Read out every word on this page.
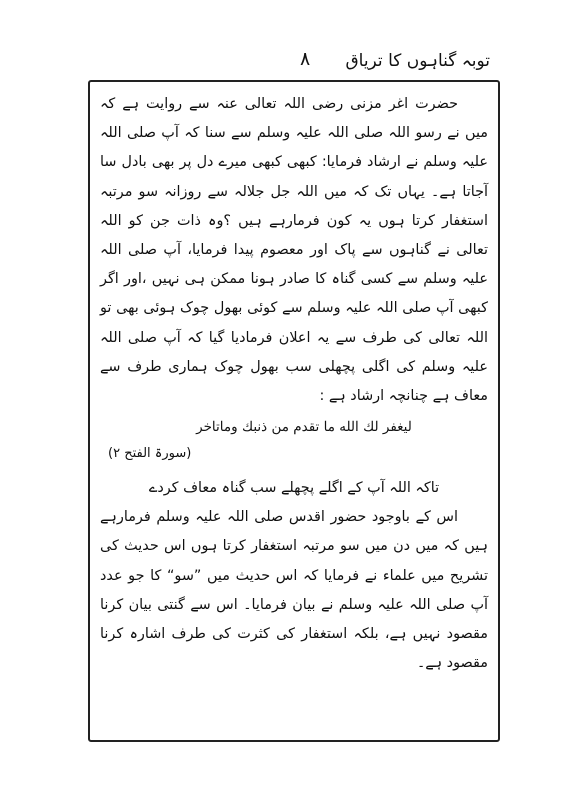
توبہ گناہوں کا تریاق
۸

حضرت اغر مزنی رضی اللہ تعالی عنہ سے روایت ہے کہ میں نے رسو اللہ صلی اللہ علیہ وسلم سے سنا کہ آپ صلی اللہ علیہ وسلم نے ارشاد فرمایا: کبھی کبھی میرے دل پر بھی بادل سا آجاتا ہے۔ یہاں تک کہ میں اللہ جل جلالہ سے روزانہ سو مرتبہ استغفار کرتا ہوں یہ کون فرمارہے ہیں ؟وہ ذات جن کو اللہ تعالی نے گناہوں سے پاک اور معصوم پیدا فرمایا، آپ صلی اللہ علیہ وسلم سے کسی گناہ کا صادر ہونا ممکن ہی نہیں ،اور اگر کبھی آپ صلی اللہ علیہ وسلم سے کوئی بھول چوک ہوئی بھی تو اللہ تعالی کی طرف سے یہ اعلان فرمادیا گیا کہ آپ صلی اللہ علیہ وسلم کی اگلی پچھلی سب بھول چوک ہماری طرف سے معاف ہے چنانچہ ارشاد ہے :

ليغفر لك الله ما تقدم من ذنبك وماتاخر

(سورۃ الفتح ۲)

تاکہ اللہ آپ کے اگلے پچھلے سب گناہ معاف کردے

اس کے باوجود حضور اقدس صلی اللہ علیہ وسلم فرمارہے ہیں کہ میں دن میں سو مرتبہ استغفار کرتا ہوں اس حدیث کی تشریح میں علماء نے فرمایا کہ اس حدیث میں ”سو“ کا جو عدد آپ صلی اللہ علیہ وسلم نے بیان فرمایا۔ اس سے گنتی بیان کرنا مقصود نہیں ہے، بلکہ استغفار کی کثرت کی طرف اشارہ کرنا مقصود ہے۔
